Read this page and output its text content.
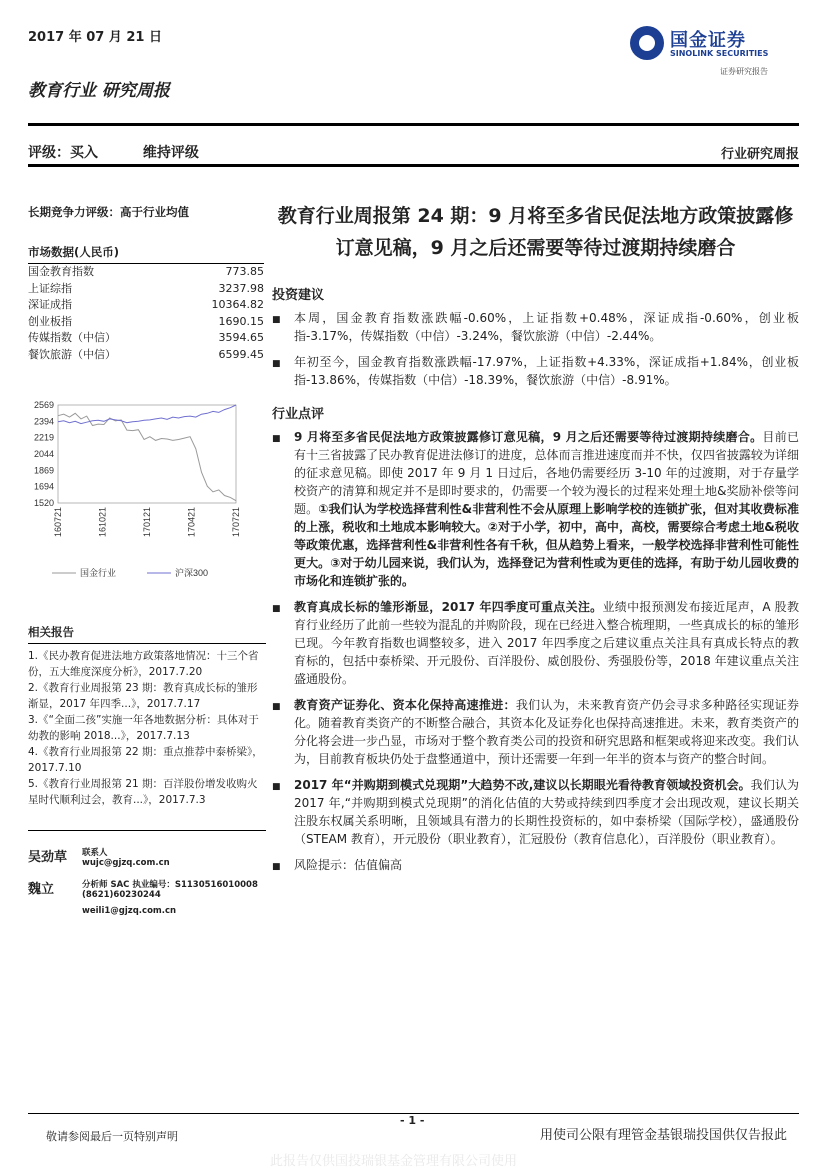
2017 年 07 月 21 日	国金证券
SINOLINK SECURITIES
证券研究报告
教育行业 研究周报
评级：买入	维持评级	行业研究周报
长期竞争力评级：高于行业均值
市场数据(人民币)
国金教育指数	773.85
上证综指	3237.98
深证成指	10364.82
创业板指	1690.15
传媒指数（中信）	3594.65
餐饮旅游（中信）	6599.45
2569
2394
2219
2044
1869
1694
1520
160721	161021	170121	170421	170721
国金行业	沪深300
相关报告
1.《民办教育促进法地方政策落地情况：十三个省份，五大维度深度分析》，2017.7.20
2.《教育行业周报第 23 期：教育真成长标的雏形渐显，2017 年四季...》，2017.7.17
3.《“全面二孩”实施一年各地数据分析：具体对于幼教的影响 2018...》，2017.7.13
4.《教育行业周报第 22 期：重点推荐中泰桥梁》，2017.7.10
5.《教育行业周报第 21 期：百洋股份增发收购火星时代顺利过会，教育...》，2017.7.3
吴劲草	联系人
wujc@gjzq.com.cn
魏立	分析师 SAC 执业编号：S1130516010008
(8621)60230244
weili1@gjzq.com.cn
教育行业周报第 24 期：9 月将至多省民促法地方政策披露修订意见稿，9 月之后还需要等待过渡期持续磨合
投资建议
■	本周，国金教育指数涨跌幅-0.60%，上证指数+0.48%，深证成指-0.60%，创业板指-3.17%，传媒指数（中信）-3.24%，餐饮旅游（中信）-2.44%。
■	年初至今，国金教育指数涨跌幅-17.97%，上证指数+4.33%，深证成指+1.84%，创业板指-13.86%，传媒指数（中信）-18.39%，餐饮旅游（中信）-8.91%。
行业点评
■	9 月将至多省民促法地方政策披露修订意见稿，9 月之后还需要等待过渡期持续磨合。目前已有十三省披露了民办教育促进法修订的进度，总体而言推进速度而并不快，仅四省披露较为详细的征求意见稿。即使 2017 年 9 月 1 日过后，各地仍需要经历 3-10 年的过渡期，对于存量学校资产的清算和规定并不是即时要求的，仍需要一个较为漫长的过程来处理土地&奖励补偿等问题。①我们认为学校选择营利性&非营利性不会从原理上影响学校的连锁扩张，但对其收费标准的上涨，税收和土地成本影响较大。②对于小学，初中，高中，高校，需要综合考虑土地&税收等政策优惠，选择营利性&非营利性各有千秋，但从趋势上看来，一般学校选择非营利性可能性更大。③对于幼儿园来说，我们认为，选择登记为营利性或为更佳的选择，有助于幼儿园收费的市场化和连锁扩张的。
■	教育真成长标的雏形渐显，2017 年四季度可重点关注。业绩中报预测发布接近尾声，A 股教育行业经历了此前一些较为混乱的并购阶段，现在已经进入整合梳理期，一些真成长的标的雏形已现。今年教育指数也调整较多，进入 2017 年四季度之后建议重点关注具有真成长特点的教育标的，包括中泰桥梁、开元股份、百洋股份、威创股份、秀强股份等，2018 年建议重点关注盛通股份。
■	教育资产证券化、资本化保持高速推进：我们认为，未来教育资产仍会寻求多种路径实现证券化。随着教育类资产的不断整合融合，其资本化及证券化也保持高速推进。未来，教育类资产的分化将会进一步凸显，市场对于整个教育类公司的投资和研究思路和框架或将迎来改变。我们认为，目前教育板块仍处于盘整通道中，预计还需要一年到一年半的资本与资产的整合时间。
■	2017 年“并购期到模式兑现期”大趋势不改,建议以长期眼光看待教育领域投资机会。我们认为 2017 年,“并购期到模式兑现期”的消化估值的大势或持续到四季度才会出现改观，建议长期关注股东权属关系明晰，且领域具有潜力的长期性投资标的，如中泰桥梁（国际学校），盛通股份（STEAM 教育），开元股份（职业教育），汇冠股份（教育信息化），百洋股份（职业教育）。
■	风险提示：估值偏高
- 1 -
敬请参阅最后一页特别声明	用使司公限有理管金基银瑞投国供仅告报此
此报告仅供国投瑞银基金管理有限公司使用
